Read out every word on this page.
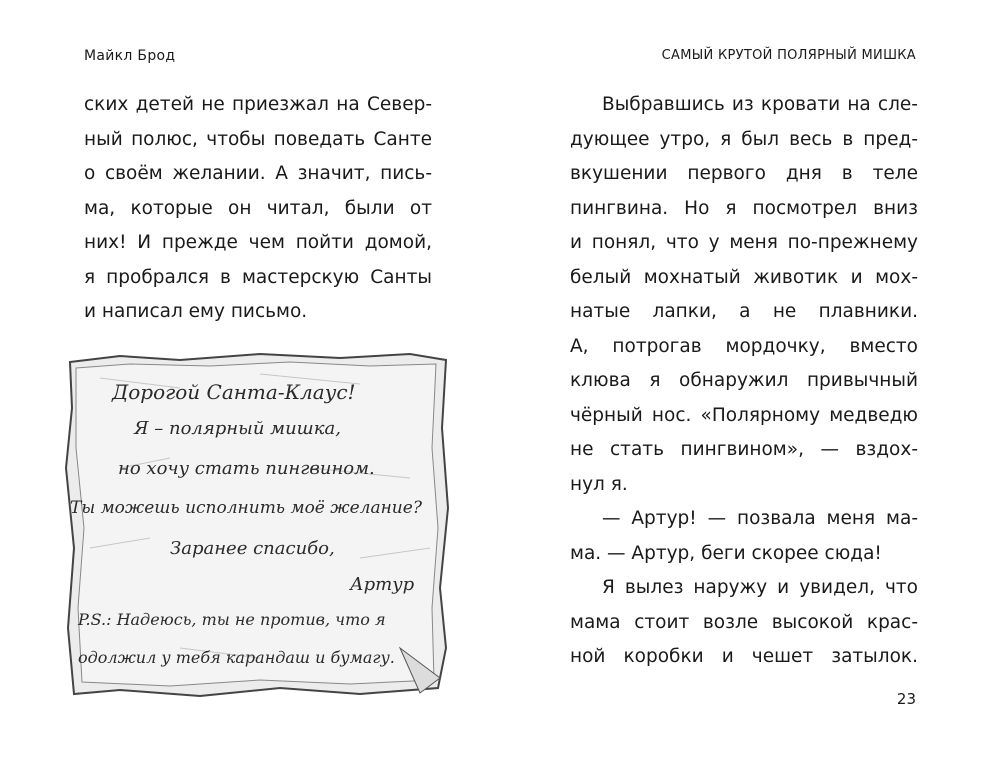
Майкл Брод	САМЫЙ КРУТОЙ ПОЛЯРНЫЙ МИШКА
ских детей не приезжал на Север-
ный полюс, чтобы поведать Санте
о своём желании. А значит, пись-
ма, которые он читал, были от
них! И прежде чем пойти домой,
я пробрался в мастерскую Санты
и написал ему письмо.
Дорогой Санта-Клаус!
Я – полярный мишка,
но хочу стать пингвином.
Ты можешь исполнить моё желание?
Заранее спасибо,
Артур
P.S.: Надеюсь, ты не против, что я
одолжил у тебя карандаш и бумагу.
Выбравшись из кровати на сле-
дующее утро, я был весь в пред-
вкушении первого дня в теле
пингвина. Но я посмотрел вниз
и понял, что у меня по-прежнему
белый мохнатый животик и мох-
натые лапки, а не плавники.
А, потрогав мордочку, вместо
клюва я обнаружил привычный
чёрный нос. «Полярному медведю
не стать пингвином», — вздох-
нул я.
— Артур! — позвала меня ма-
ма. — Артур, беги скорее сюда!
Я вылез наружу и увидел, что
мама стоит возле высокой крас-
ной коробки и чешет затылок.
23
